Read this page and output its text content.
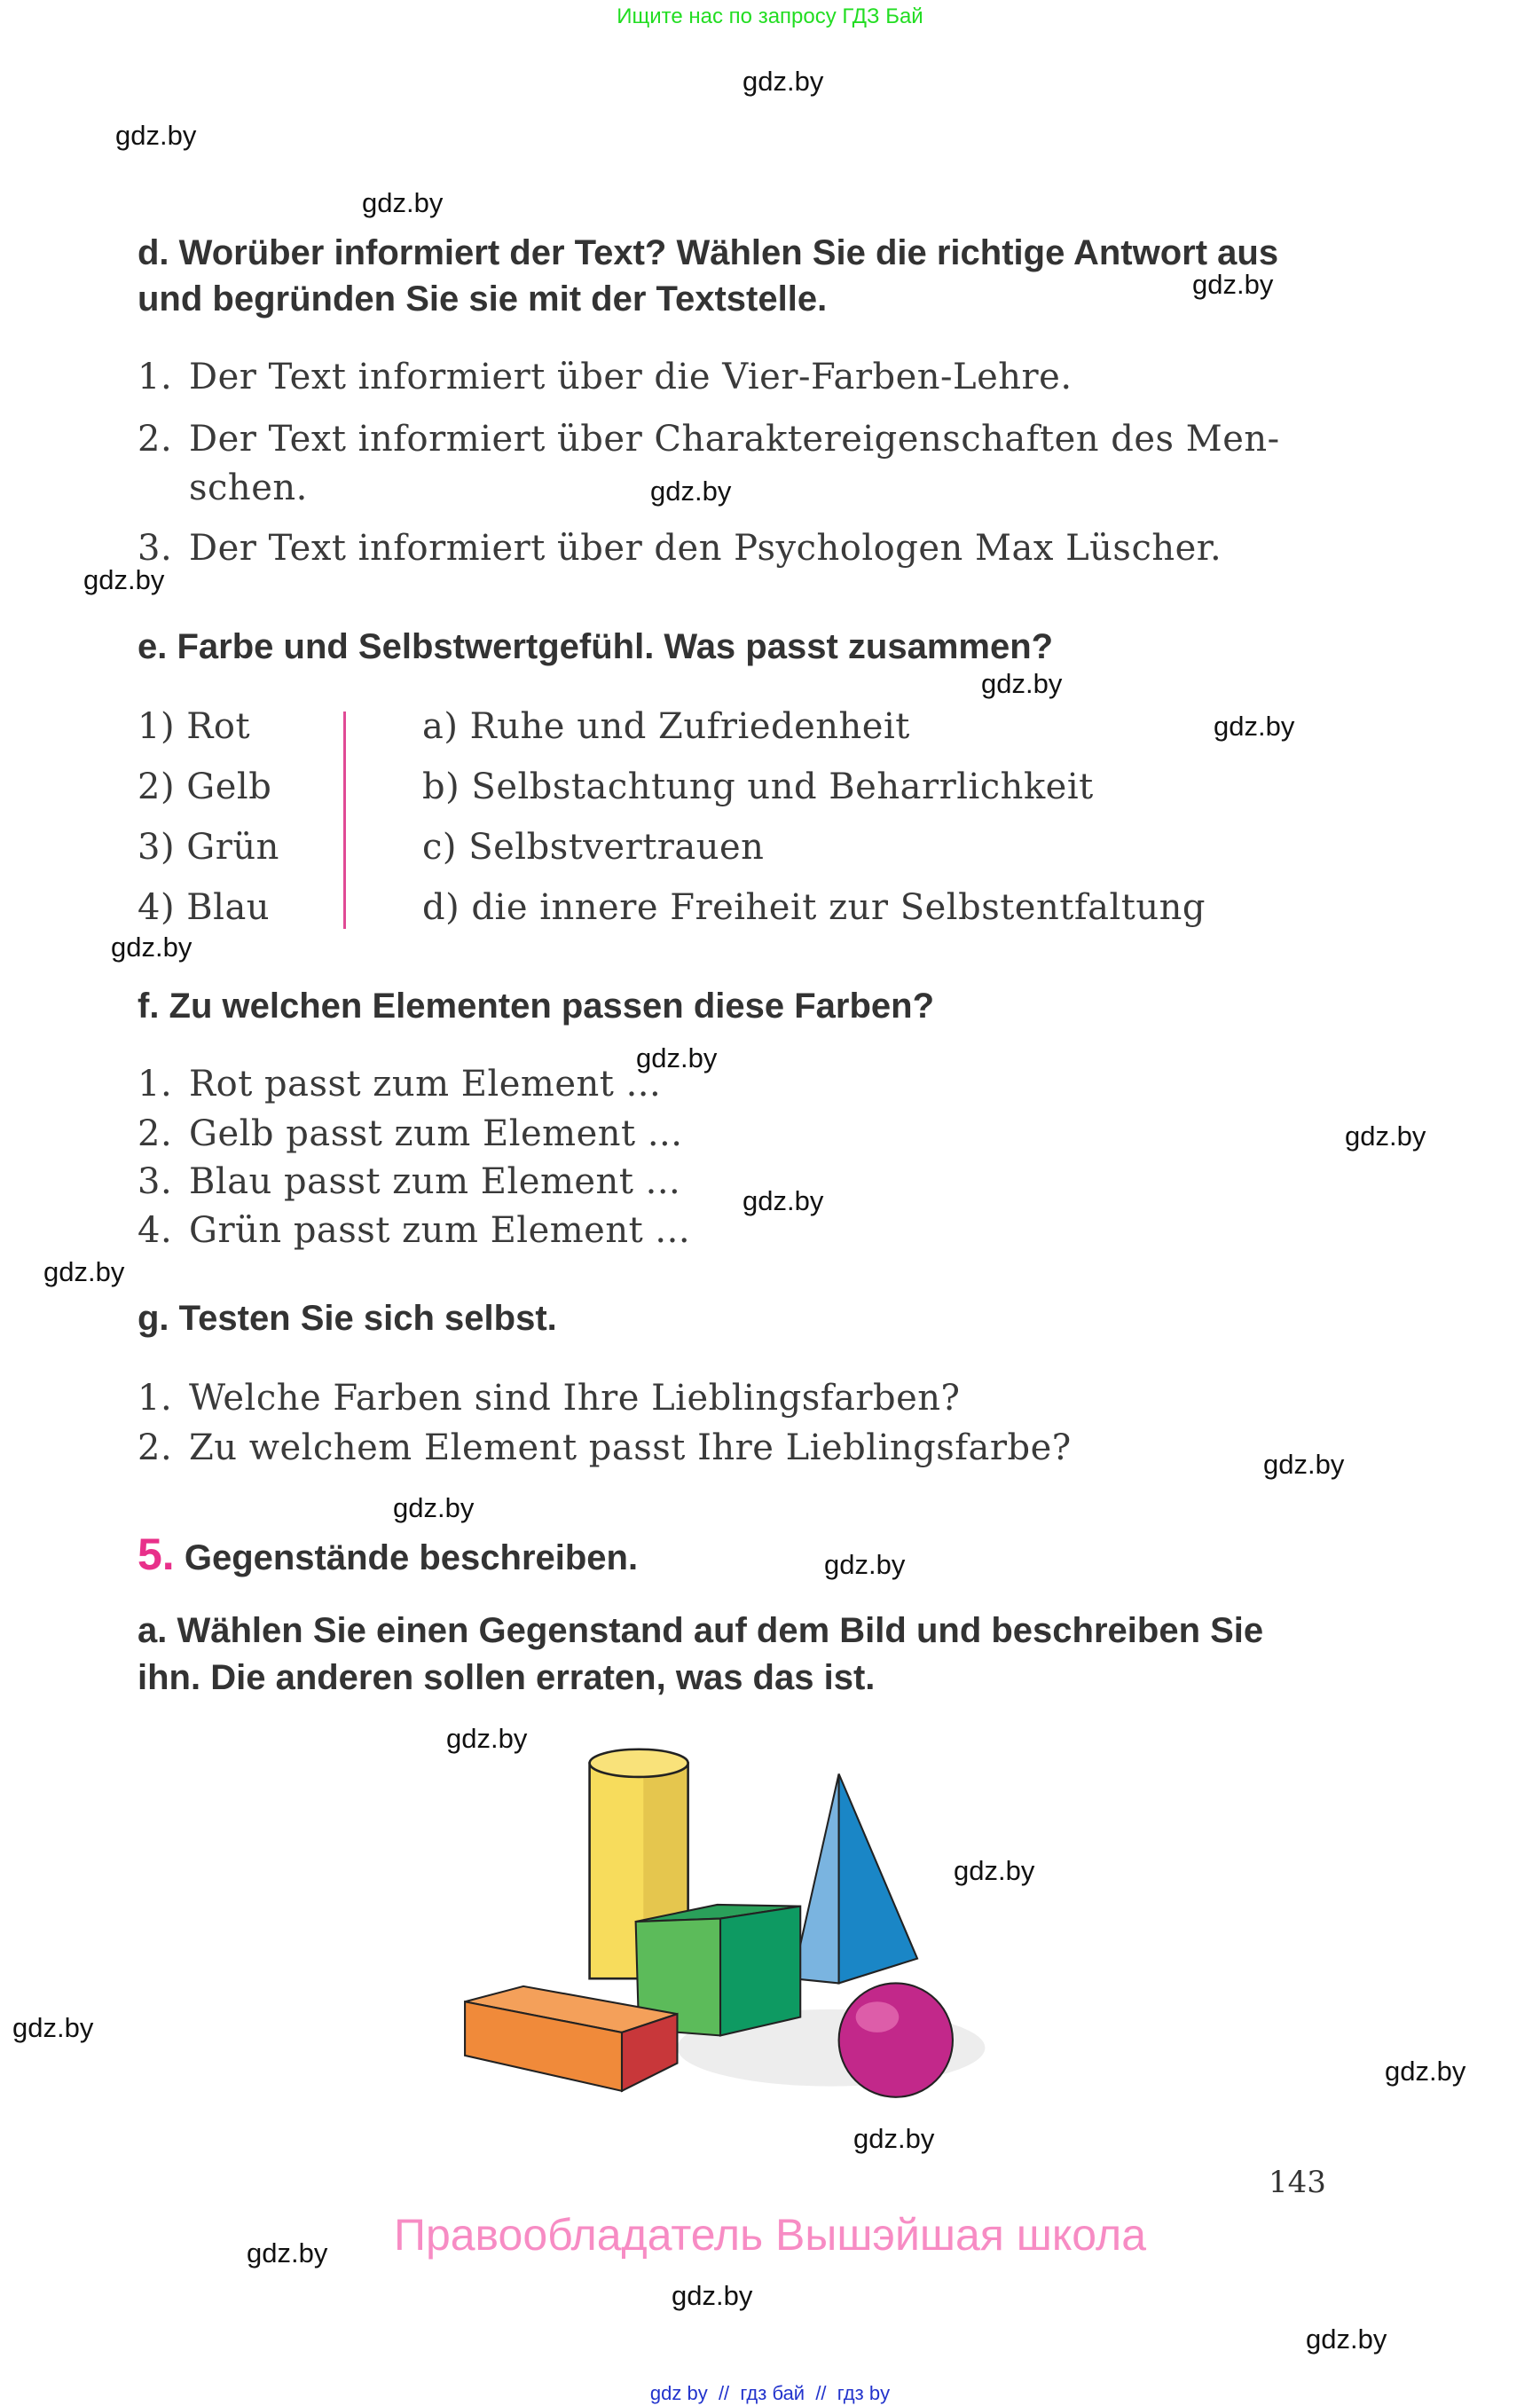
Ищите нас по запросу ГДЗ Бай
gdz.by
gdz.by
gdz.by
gdz.by
gdz.by
gdz.by
gdz.by
gdz.by
gdz.by
gdz.by
gdz.by
gdz.by
gdz.by
gdz.by
gdz.by
gdz.by
gdz.by
gdz.by
gdz.by
gdz.by
gdz.by
gdz.by
gdz.by
gdz.by
d. Worüber informiert der Text? Wählen Sie die richtige Antwort aus
und begründen Sie sie mit der Textstelle.
1. Der Text informiert über die Vier-Farben-Lehre.
2. Der Text informiert über Charaktereigenschaften des Men-
schen.
3. Der Text informiert über den Psychologen Max Lüscher.
e. Farbe und Selbstwertgefühl. Was passt zusammen?
1) Rot
2) Gelb
3) Grün
4) Blau
a) Ruhe und Zufriedenheit
b) Selbstachtung und Beharrlichkeit
c) Selbstvertrauen
d) die innere Freiheit zur Selbstentfaltung
f. Zu welchen Elementen passen diese Farben?
1. Rot passt zum Element ...
2. Gelb passt zum Element ...
3. Blau passt zum Element ...
4. Grün passt zum Element ...
g. Testen Sie sich selbst.
1. Welche Farben sind Ihre Lieblingsfarben?
2. Zu welchem Element passt Ihre Lieblingsfarbe?
5. Gegenstände beschreiben.
a. Wählen Sie einen Gegenstand auf dem Bild und beschreiben Sie
ihn. Die anderen sollen erraten, was das ist.
143
Правообладатель Вышэйшая школа
gdz by  //  гдз бай  //  гдз by
